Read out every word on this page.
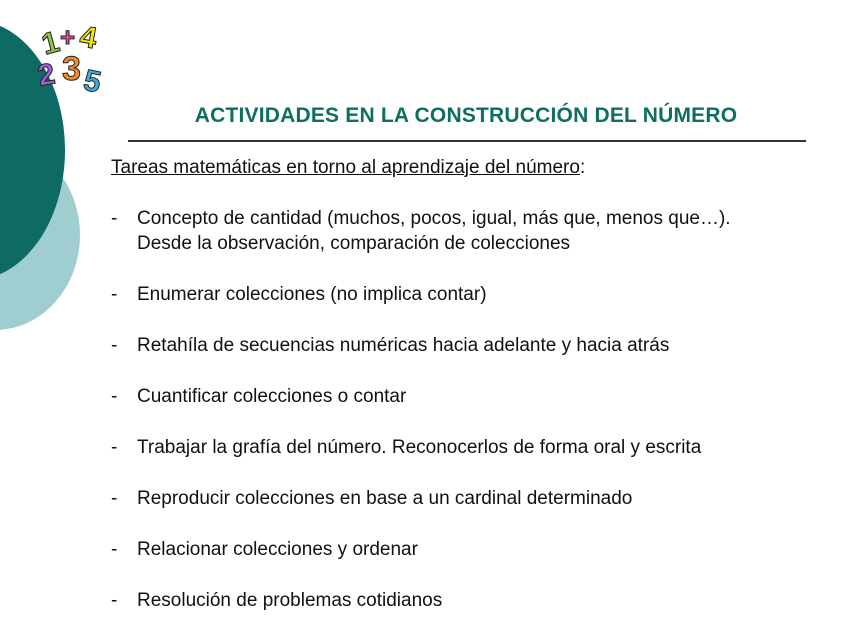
1
+ 4
2 3 5
ACTIVIDADES EN LA CONSTRUCCIÓN DEL NÚMERO
Tareas matemáticas en torno al aprendizaje del número:
- Concepto de cantidad (muchos, pocos, igual, más que, menos que…).
Desde la observación, comparación de colecciones
- Enumerar colecciones (no implica contar)
- Retahíla de secuencias numéricas hacia adelante y hacia atrás
- Cuantificar colecciones o contar
- Trabajar la grafía del número. Reconocerlos de forma oral y escrita
- Reproducir colecciones en base a un cardinal determinado
- Relacionar colecciones y ordenar
- Resolución de problemas cotidianos
